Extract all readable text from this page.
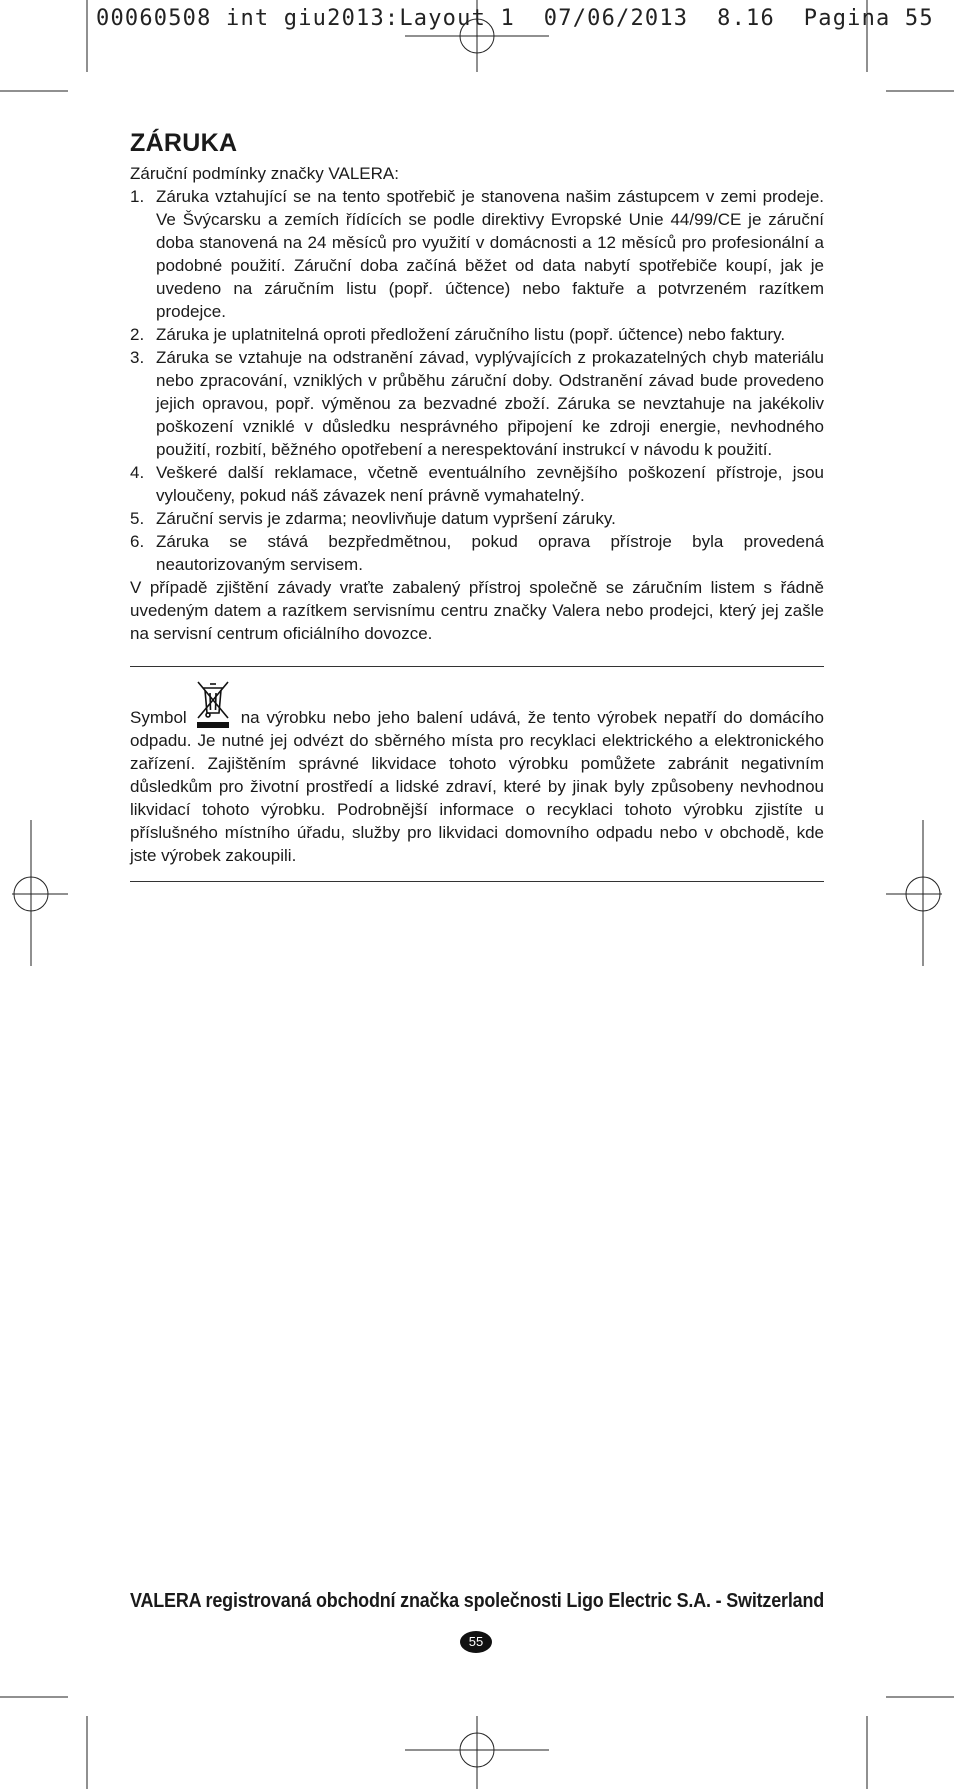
00060508 int giu2013:Layout 1  07/06/2013  8.16  Pagina 55
ZÁRUKA

Záruční podmínky značky VALERA:

1. Záruka vztahující se na tento spotřebič je stanovena našim zástupcem v zemi prodeje. Ve Švýcarsku a zemích řídících se podle direktivy Evropské Unie 44/99/CE je záruční doba stanovená na 24 měsíců pro využití v domácnosti a 12 měsíců pro profesionální a podobné použití. Záruční doba začíná běžet od data nabytí spotřebiče koupí, jak je uvedeno na záručním listu (popř. účtence) nebo faktuře a potvrzeném razítkem prodejce.
2. Záruka je uplatnitelná oproti předložení záručního listu (popř. účtence) nebo faktury.
3. Záruka se vztahuje na odstranění závad, vyplývajících z prokazatelných chyb materiálu nebo zpracování, vzniklých v průběhu záruční doby. Odstranění závad bude provedeno jejich opravou, popř. výměnou za bezvadné zboží. Záruka se nevztahuje na jakékoliv poškození vzniklé v důsledku nesprávného připojení ke zdroji energie, nevhodného použití, rozbití, běžného opotřebení a nerespektování instrukcí v návodu k použití.
4. Veškeré další reklamace, včetně eventuálního zevnějšího poškození přístroje, jsou vyloučeny, pokud náš závazek není právně vymahatelný.
5. Záruční servis je zdarma; neovlivňuje datum vypršení záruky.
6. Záruka se stává bezpředmětnou, pokud oprava přístroje byla provedená neautorizovaným servisem.

V případě zjištění závady vraťte zabalený přístroj společně se záručním listem s řádně uvedeným datem a razítkem servisnímu centru značky Valera nebo prodejci, který jej zašle na servisní centrum oficiálního dovozce.

Symbol	na výrobku nebo jeho balení udává, že tento výrobek nepatří do domácího odpadu. Je nutné jej odvézt do sběrného místa pro recyklaci elektrického a elektronického zařízení. Zajištěním správné likvidace tohoto výrobku pomůžete zabránit negativním důsledkům pro životní prostředí a lidské zdraví, které by jinak byly způsobeny nevhodnou likvidací tohoto výrobku. Podrobnější informace o recyklaci tohoto výrobku zjistíte u příslušného místního úřadu, služby pro likvidaci domovního odpadu nebo v obchodě, kde jste výrobek zakoupili.
VALERA registrovaná obchodní značka společnosti Ligo Electric S.A. - Switzerland
55
